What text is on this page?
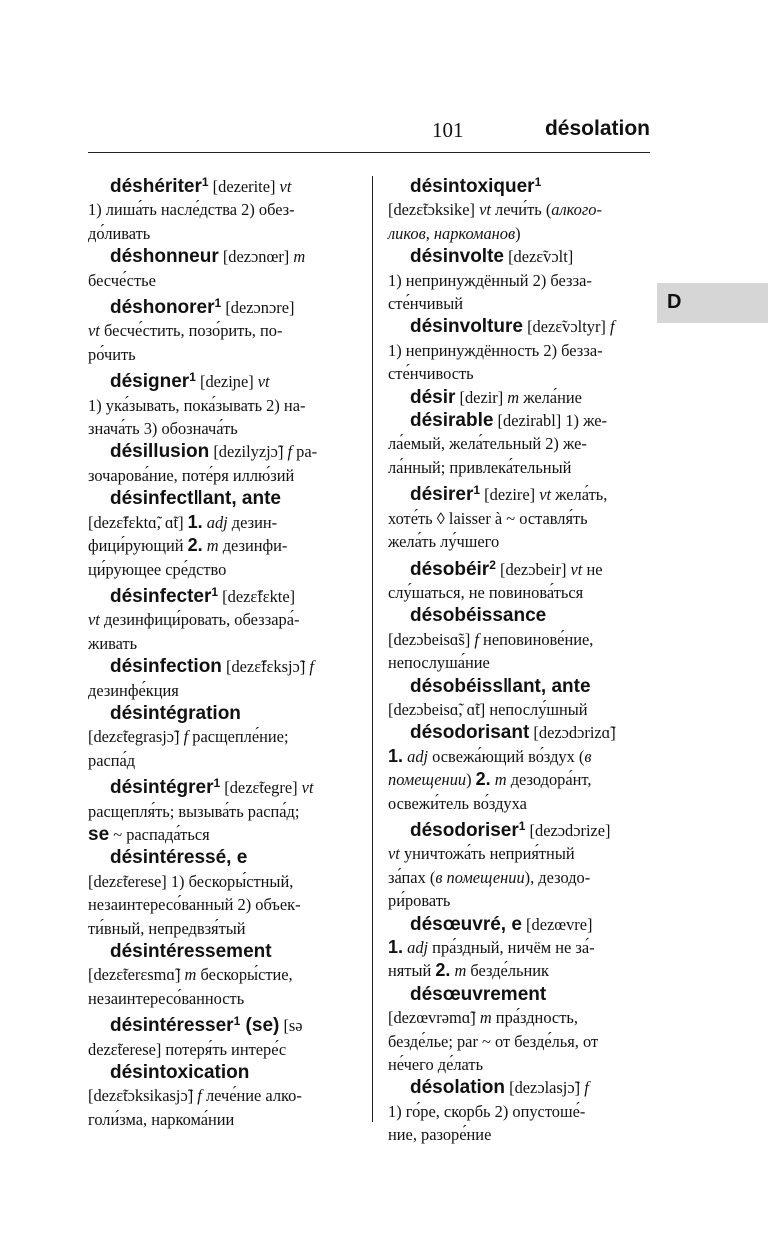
101	désolation
D
déshériter$^1$ [dezerite] vt
1) лиша́ть насле́дства 2) обез-
до́ливать
déshonneur [dezɔnœr] m
бесче́стье
déshonorer$^1$ [dezɔnɔre]
vt бесче́стить, позо́рить, по-
ро́чить
désigner$^1$ [deziɲe] vt
1) ука́зывать, пока́зывать 2) на-
знача́ть 3) обознача́ть
désillusion [dezilyzjɔ̃] f ра-
зочарова́ние, поте́ря иллю́зий
désinfect‖ant, ante
[dezɛ̃fɛktɑ̃, ɑ̃t] 1. adj дезин-
фици́рующий 2. m дезинфи-
ци́рующее сре́дство
désinfecter$^1$ [dezɛ̃fɛkte]
vt дезинфици́ровать, обеззара́-
живать
désinfection [dezɛ̃fɛksjɔ̃] f
дезинфе́кция
désintégration
[dezɛ̃tegrasjɔ̃] f расщепле́ние;
распа́д
désintégrer$^1$ [dezɛ̃tegre] vt
расщепля́ть; вызыва́ть распа́д;
se ~ распада́ться
désintéressé, e
[dezɛ̃terese] 1) бескоры́стный,
незаинтересо́ванный 2) объек-
ти́вный, непредвзя́тый
désintéressement
[dezɛ̃terɛsmɑ̃] m бескоры́стие,
незаинтересо́ванность
désintéresser$^1$ (se) [sə
dezɛ̃terese] потеря́ть интере́с
désintoxication
[dezɛ̃tɔksikasjɔ̃] f лече́ние алко-
голи́зма, наркома́нии
désintoxiquer$^1$
[dezɛ̃tɔksike] vt лечи́ть (алкого-
ликов, наркоманов)
désinvolte [dezɛ̃vɔlt]
1) непринуждённый 2) безза-
сте́нчивый
désinvolture [dezɛ̃vɔltyr] f
1) непринуждённость 2) безза-
сте́нчивость
désir [dezir] m жела́ние
désirable [dezirabl] 1) же-
ла́емый, жела́тельный 2) же-
ла́нный; привлека́тельный
désirer$^1$ [dezire] vt жела́ть,
хоте́ть ◊ laisser à ~ оставля́ть
жела́ть лу́чшего
désobéir$^2$ [dezɔbeir] vt не
слу́шаться, не повинова́ться
désobéissance
[dezɔbeisɑ̃s] f неповинове́ние,
непослуша́ние
désobéiss‖ant, ante
[dezɔbeisɑ̃, ɑ̃t] непослу́шный
désodorisant [dezɔdɔrizɑ̃]
1. adj освежа́ющий во́здух (в
помещении) 2. m дезодора́нт,
освежи́тель во́здуха
désodoriser$^1$ [dezɔdɔrize]
vt уничтожа́ть неприя́тный
за́пах (в помещении), дезодо-
ри́ровать
désœuvré, e [dezœvre]
1. adj пра́здный, ничём не за́-
нятый 2. m безде́льник
désœuvrement
[dezœvrəmɑ̃] m пра́здность,
безде́лье; par ~ от безде́лья, от
не́чего де́лать
désolation [dezɔlasjɔ̃] f
1) го́ре, скорбь 2) опустоше́-
ние, разоре́ние
